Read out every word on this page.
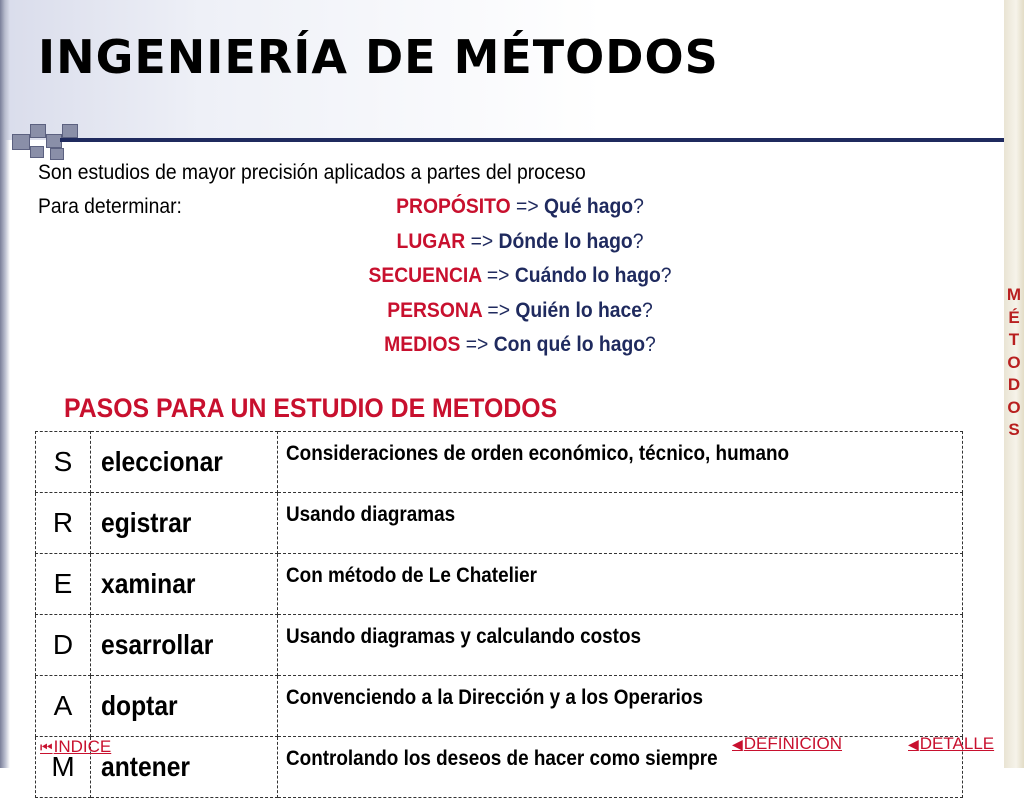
INGENIERÍA DE MÉTODOS
M
É
T
O
D
O
S
Son estudios de mayor precisión aplicados a partes del proceso
Para determinar:	PROPÓSITO => Qué hago?
LUGAR => Dónde lo hago?
SECUENCIA => Cuándo lo hago?
PERSONA => Quién lo hace?
MEDIOS => Con qué lo hago?
PASOS PARA UN ESTUDIO DE METODOS
S	eleccionar	Consideraciones de orden económico, técnico, humano
R	egistrar	Usando diagramas
E	xaminar	Con método de Le Chatelier
D	esarrollar	Usando diagramas y calculando costos
A	doptar	Convenciendo a la Dirección y a los Operarios
M	antener	Controlando los deseos de hacer como siempre
⏮INDICE	◀DEFINICION	◀DETALLE
